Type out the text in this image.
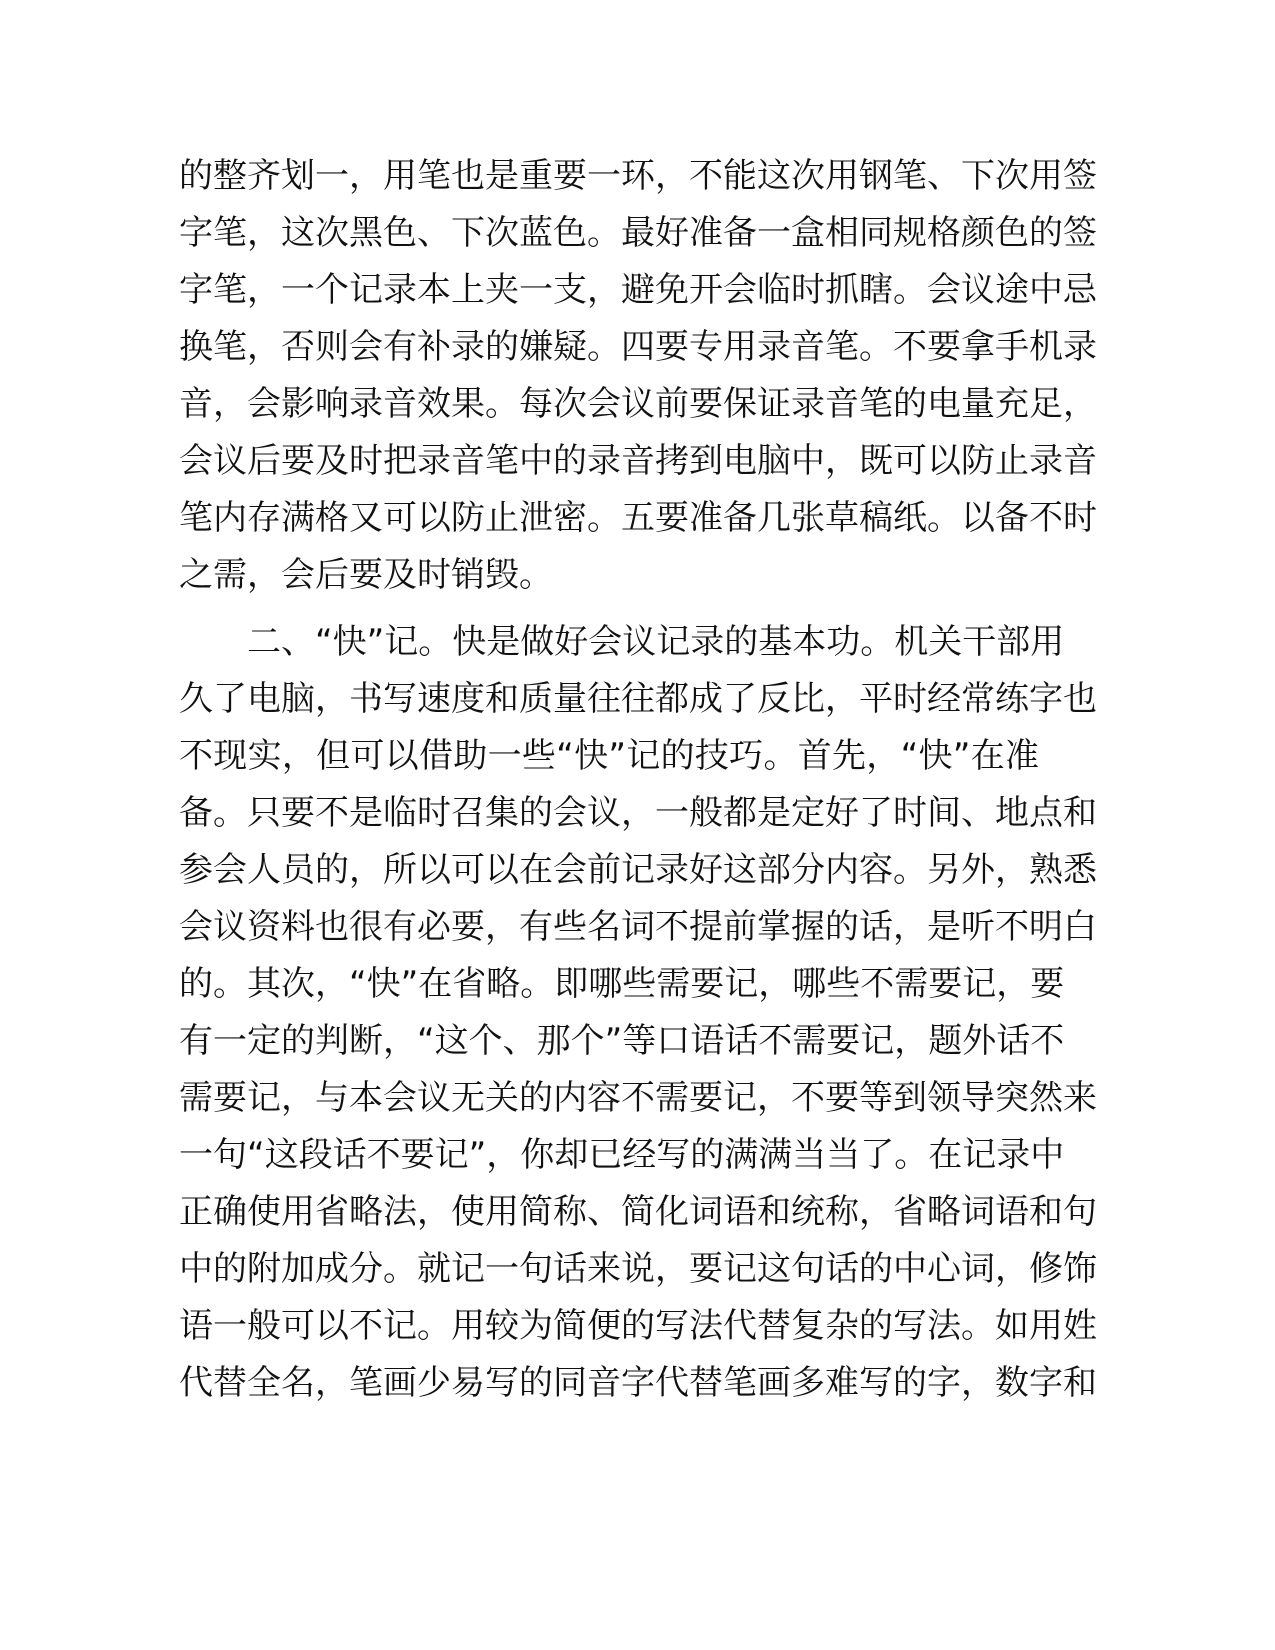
的整齐划一，用笔也是重要一环，不能这次用钢笔、下次用签
字笔，这次黑色、下次蓝色。最好准备一盒相同规格颜色的签
字笔，一个记录本上夹一支，避免开会临时抓瞎。会议途中忌
换笔，否则会有补录的嫌疑。四要专用录音笔。不要拿手机录
音，会影响录音效果。每次会议前要保证录音笔的电量充足，
会议后要及时把录音笔中的录音拷到电脑中，既可以防止录音
笔内存满格又可以防止泄密。五要准备几张草稿纸。以备不时
之需，会后要及时销毁。
二、“快”记。快是做好会议记录的基本功。机关干部用
久了电脑，书写速度和质量往往都成了反比，平时经常练字也
不现实，但可以借助一些“快”记的技巧。首先，“快”在准
备。只要不是临时召集的会议，一般都是定好了时间、地点和
参会人员的，所以可以在会前记录好这部分内容。另外，熟悉
会议资料也很有必要，有些名词不提前掌握的话，是听不明白
的。其次，“快”在省略。即哪些需要记，哪些不需要记，要
有一定的判断，“这个、那个”等口语话不需要记，题外话不
需要记，与本会议无关的内容不需要记，不要等到领导突然来
一句“这段话不要记”，你却已经写的满满当当了。在记录中
正确使用省略法，使用简称、简化词语和统称，省略词语和句
中的附加成分。就记一句话来说，要记这句话的中心词，修饰
语一般可以不记。用较为简便的写法代替复杂的写法。如用姓
代替全名，笔画少易写的同音字代替笔画多难写的字，数字和
